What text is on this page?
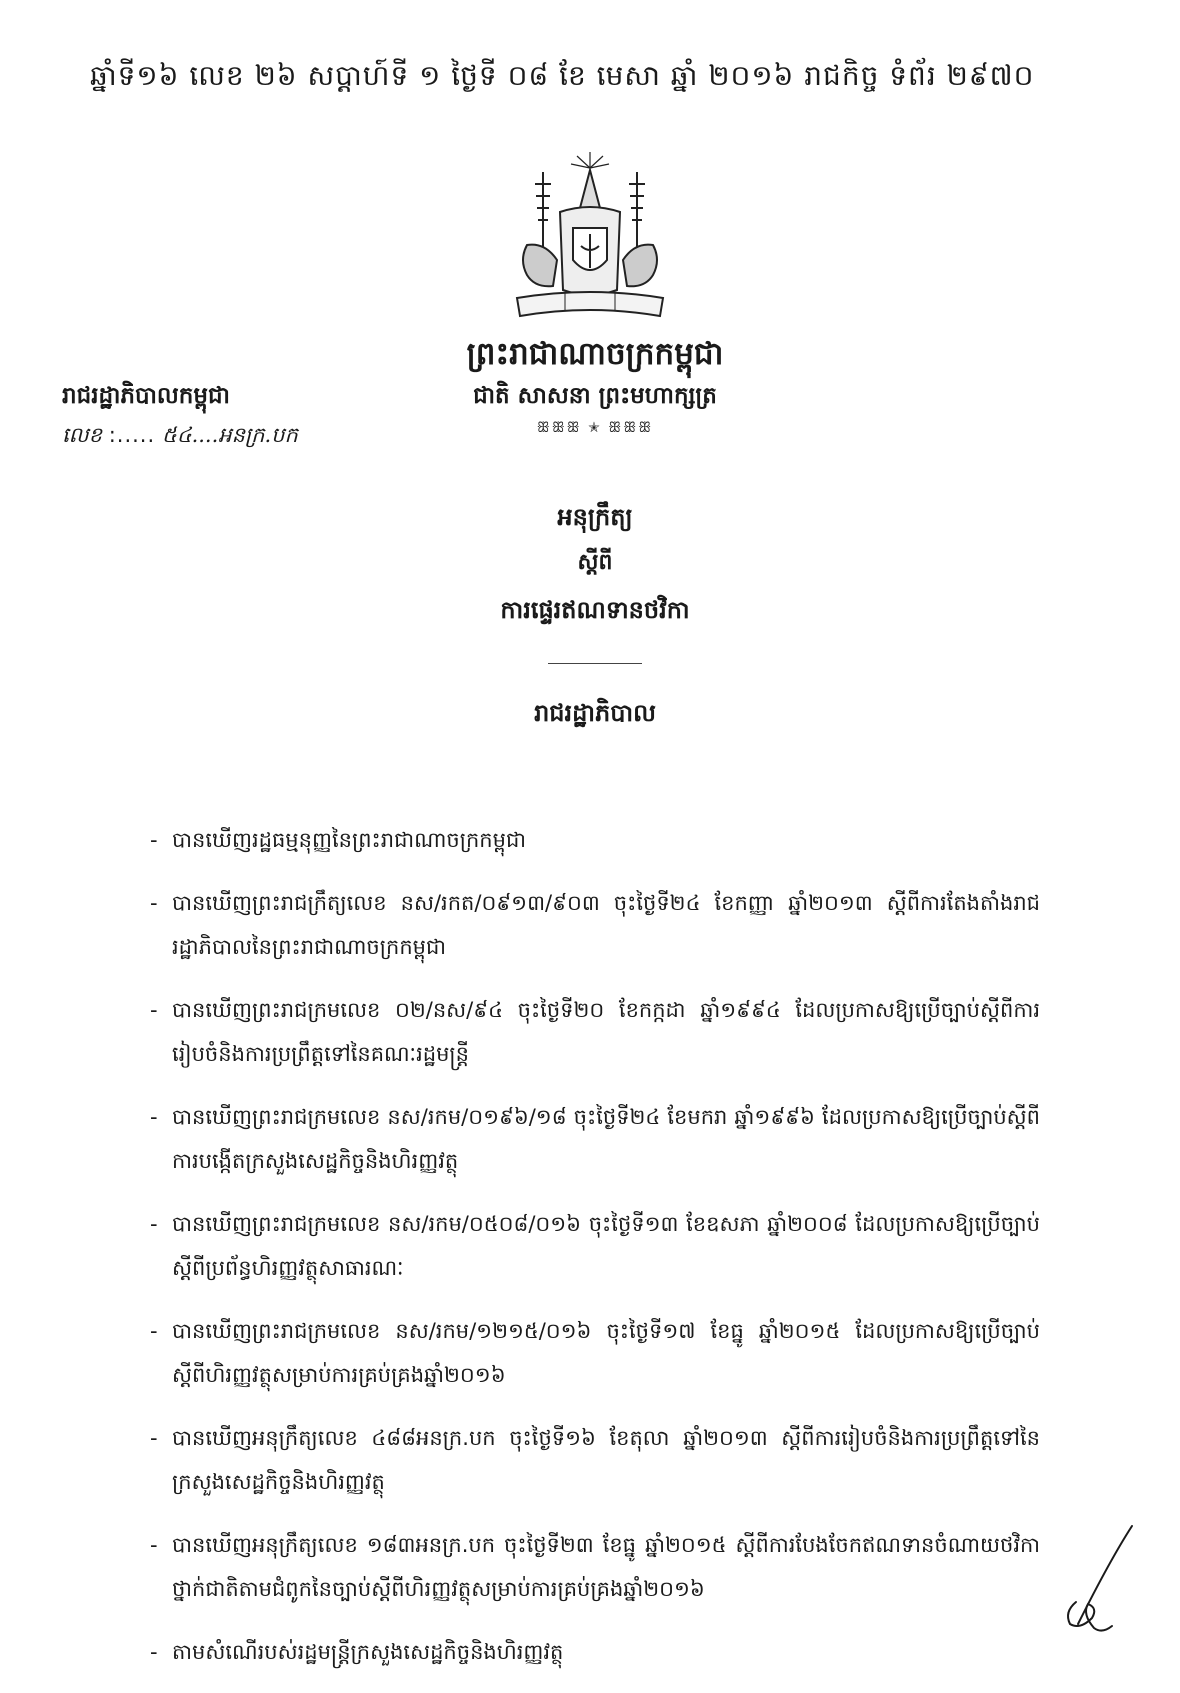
ឆ្នាំទី១៦ លេខ ២៦ សប្តាហ៍ទី ១ ថ្ងៃទី ០៨ ខែ មេសា ឆ្នាំ ២០១៦ រាជកិច្ច ទំព័រ ២៩៧០
ព្រះរាជាណាចក្រកម្ពុជា
ជាតិ សាសនា ព្រះមហាក្សត្រ
ꕥꕥꕥ ✭ ꕥꕥꕥ
រាជរដ្ឋាភិបាលកម្ពុជា
លេខ :..... ៥៤....អនក្រ.បក
អនុក្រឹត្យ
ស្តីពី
ការផ្ទេរឥណទានថវិកា
រាជរដ្ឋាភិបាល
- បានឃើញរដ្ឋធម្មនុញ្ញនៃព្រះរាជាណាចក្រកម្ពុជា
- បានឃើញព្រះរាជក្រឹត្យលេខ នស/រកត/០៩១៣/៩០៣ ចុះថ្ងៃទី២៤ ខែកញ្ញា ឆ្នាំ២០១៣ ស្តីពីការតែងតាំងរាជរដ្ឋាភិបាលនៃព្រះរាជាណាចក្រកម្ពុជា
- បានឃើញព្រះរាជក្រមលេខ ០២/នស/៩៤ ចុះថ្ងៃទី២០ ខែកក្កដា ឆ្នាំ១៩៩៤ ដែលប្រកាសឱ្យប្រើច្បាប់ស្តីពីការរៀបចំនិងការប្រព្រឹត្តទៅនៃគណៈរដ្ឋមន្ត្រី
- បានឃើញព្រះរាជក្រមលេខ នស/រកម/០១៩៦/១៨ ចុះថ្ងៃទី២៤ ខែមករា ឆ្នាំ១៩៩៦ ដែលប្រកាសឱ្យប្រើច្បាប់ស្តីពីការបង្កើតក្រសួងសេដ្ឋកិច្ចនិងហិរញ្ញវត្ថុ
- បានឃើញព្រះរាជក្រមលេខ នស/រកម/០៥០៨/០១៦ ចុះថ្ងៃទី១៣ ខែឧសភា ឆ្នាំ២០០៨ ដែលប្រកាសឱ្យប្រើច្បាប់ស្តីពីប្រព័ន្ធហិរញ្ញវត្ថុសាធារណៈ
- បានឃើញព្រះរាជក្រមលេខ នស/រកម/១២១៥/០១៦ ចុះថ្ងៃទី១៧ ខែធ្នូ ឆ្នាំ២០១៥ ដែលប្រកាសឱ្យប្រើច្បាប់ស្តីពីហិរញ្ញវត្ថុសម្រាប់ការគ្រប់គ្រងឆ្នាំ២០១៦
- បានឃើញអនុក្រឹត្យលេខ ៤៨៨អនក្រ.បក ចុះថ្ងៃទី១៦ ខែតុលា ឆ្នាំ២០១៣ ស្តីពីការរៀបចំនិងការប្រព្រឹត្តទៅនៃក្រសួងសេដ្ឋកិច្ចនិងហិរញ្ញវត្ថុ
- បានឃើញអនុក្រឹត្យលេខ ១៨៣អនក្រ.បក ចុះថ្ងៃទី២៣ ខែធ្នូ ឆ្នាំ២០១៥ ស្តីពីការបែងចែកឥណទានចំណាយថវិកាថ្នាក់ជាតិតាមជំពូកនៃច្បាប់ស្តីពីហិរញ្ញវត្ថុសម្រាប់ការគ្រប់គ្រងឆ្នាំ២០១៦
- តាមសំណើរបស់រដ្ឋមន្ត្រីក្រសួងសេដ្ឋកិច្ចនិងហិរញ្ញវត្ថុ
